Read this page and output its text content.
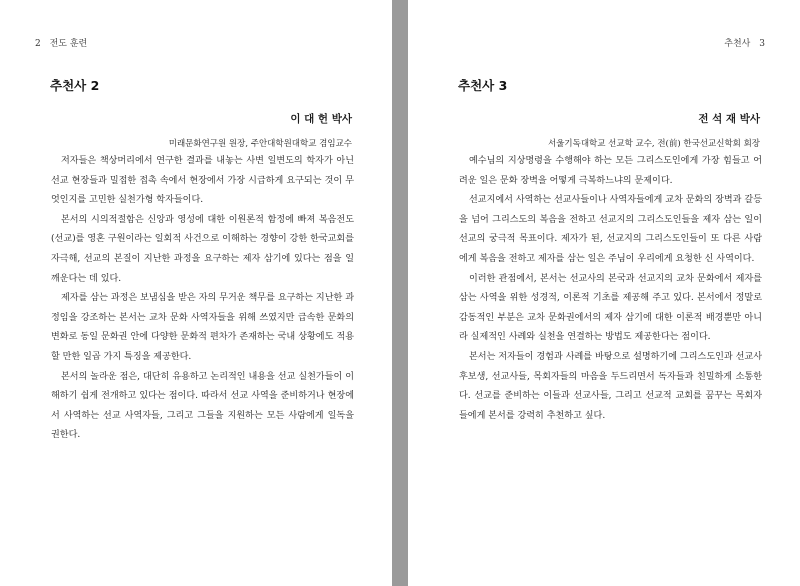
2 전도 훈련
추천사 2
이 대 헌 박사
미래문화연구원 원장, 주안대학원대학교 겸임교수

저자들은 책상머리에서 연구한 결과를 내놓는 사변 일변도의 학자가 아닌 선교 현장들과 밀접한 접촉 속에서 현장에서 가장 시급하게 요구되는 것이 무엇인지를 고민한 실천가형 학자들이다.

본서의 시의적절함은 신앙과 영성에 대한 이원론적 함정에 빠져 복음전도(선교)를 영혼 구원이라는 일회적 사건으로 이해하는 경향이 강한 한국교회를 자극해, 선교의 본질이 지난한 과정을 요구하는 제자 삼기에 있다는 점을 일깨운다는 데 있다.

제자를 삼는 과정은 보냄심을 받은 자의 무거운 책무를 요구하는 지난한 과정임을 강조하는 본서는 교차 문화 사역자들을 위해 쓰였지만 급속한 문화의 변화로 동일 문화권 안에 다양한 문화적 편차가 존재하는 국내 상황에도 적용할 만한 일곱 가지 특징을 제공한다.

본서의 놀라운 점은, 대단히 유용하고 논리적인 내용을 선교 실천가들이 이해하기 쉽게 전개하고 있다는 점이다. 따라서 선교 사역을 준비하거나 현장에서 사역하는 선교 사역자들, 그리고 그들을 지원하는 모든 사람에게 일독을 권한다.

추천사 3
추천사 3
전 석 재 박사
서울기독대학교 선교학 교수, 전(前) 한국선교신학회 회장

예수님의 지상명령을 수행해야 하는 모든 그리스도인에게 가장 힘들고 어려운 일은 문화 장벽을 어떻게 극복하느냐의 문제이다.

선교지에서 사역하는 선교사들이나 사역자들에게 교차 문화의 장벽과 갈등을 넘어 그리스도의 복음을 전하고 선교지의 그리스도인들을 제자 삼는 일이 선교의 궁극적 목표이다. 제자가 된, 선교지의 그리스도인들이 또 다른 사람에게 복음을 전하고 제자를 삼는 일은 주님이 우리에게 요청한 신 사역이다.

이러한 관점에서, 본서는 선교사의 본국과 선교지의 교차 문화에서 제자를 삼는 사역을 위한 성경적, 이론적 기초를 제공해 주고 있다. 본서에서 정말로 감동적인 부분은 교차 문화권에서의 제자 삼기에 대한 이론적 배경뿐만 아니라 실제적인 사례와 실천을 연결하는 방법도 제공한다는 점이다.

본서는 저자들이 경험과 사례를 바탕으로 설명하기에 그리스도인과 선교사 후보생, 선교사들, 목회자들의 마음을 두드리면서 독자들과 친밀하게 소통한다. 선교를 준비하는 이들과 선교사들, 그리고 선교적 교회를 꿈꾸는 목회자들에게 본서를 강력히 추천하고 싶다.
